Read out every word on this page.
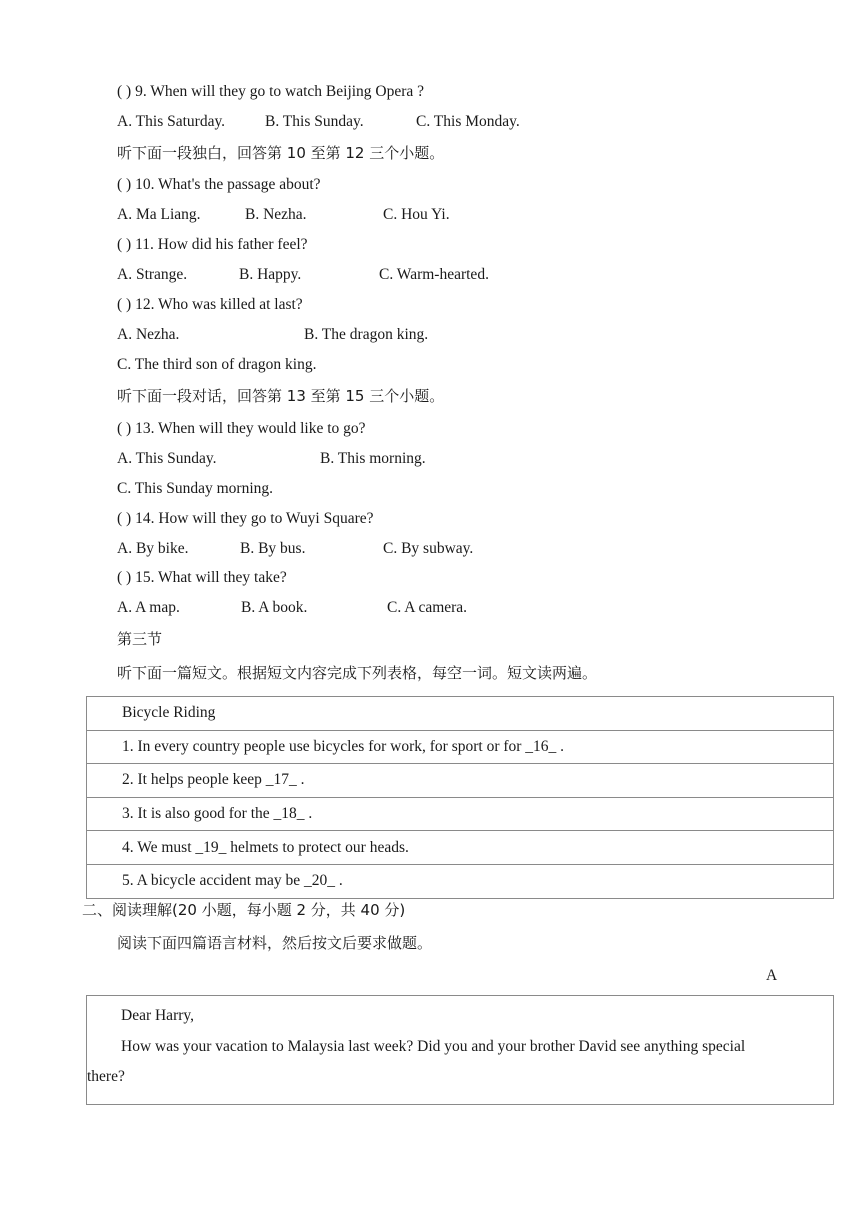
( ) 9. When will they go to watch Beijing Opera ?
A. This Saturday.	B. This Sunday.	C. This Monday.
听下面一段独白，回答第 10 至第 12 三个小题。
( ) 10. What's the passage about?
A. Ma Liang.	B. Nezha.	C. Hou Yi.
( ) 11. How did his father feel?
A. Strange.	B. Happy.	C. Warm-hearted.
( ) 12. Who was killed at last?
A. Nezha.	B. The dragon king.
C. The third son of dragon king.
听下面一段对话，回答第 13 至第 15 三个小题。
( ) 13. When will they would like to go?
A. This Sunday.	B. This morning.
C. This Sunday morning.
( ) 14. How will they go to Wuyi Square?
A. By bike.	B. By bus.	C. By subway.
( ) 15. What will they take?
A. A map.	B. A book.	C. A camera.
第三节
听下面一篇短文。根据短文内容完成下列表格，每空一词。短文读两遍。
Bicycle Riding
1. In every country people use bicycles for work, for sport or for _16_ .
2. It helps people keep _17_ .
3. It is also good for the _18_ .
4. We must _19_ helmets to protect our heads.
5. A bicycle accident may be _20_ .
二、阅读理解(20 小题，每小题 2 分，共 40 分)
阅读下面四篇语言材料，然后按文后要求做题。
A
Dear Harry,
How was your vacation to Malaysia last week? Did you and your brother David see anything special
there?
